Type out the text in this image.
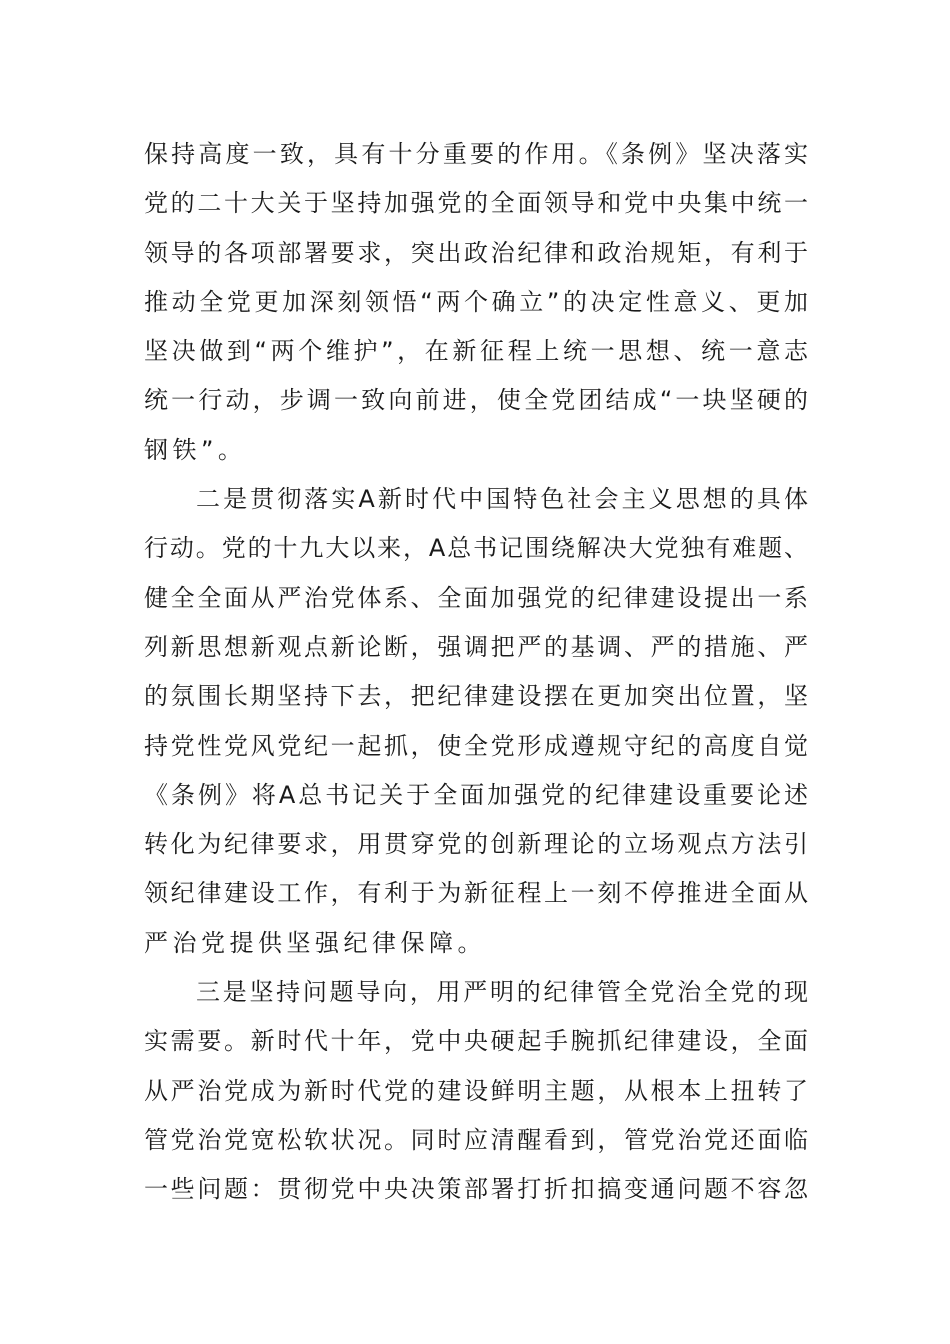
保持高度一致，具有十分重要的作用。《条例》坚决落实
党的二十大关于坚持加强党的全面领导和党中央集中统一
领导的各项部署要求，突出政治纪律和政治规矩，有利于
推动全党更加深刻领悟“两个确立”的决定性意义、更加
坚决做到“两个维护”，在新征程上统一思想、统一意志
统一行动，步调一致向前进，使全党团结成“一块坚硬的
钢铁”。
二是贯彻落实A新时代中国特色社会主义思想的具体
行动。党的十九大以来，A总书记围绕解决大党独有难题、
健全全面从严治党体系、全面加强党的纪律建设提出一系
列新思想新观点新论断，强调把严的基调、严的措施、严
的氛围长期坚持下去，把纪律建设摆在更加突出位置，坚
持党性党风党纪一起抓，使全党形成遵规守纪的高度自觉
《条例》将A总书记关于全面加强党的纪律建设重要论述
转化为纪律要求，用贯穿党的创新理论的立场观点方法引
领纪律建设工作，有利于为新征程上一刻不停推进全面从
严治党提供坚强纪律保障。
三是坚持问题导向，用严明的纪律管全党治全党的现
实需要。新时代十年，党中央硬起手腕抓纪律建设，全面
从严治党成为新时代党的建设鲜明主题，从根本上扭转了
管党治党宽松软状况。同时应清醒看到，管党治党还面临
一些问题：贯彻党中央决策部署打折扣搞变通问题不容忽
